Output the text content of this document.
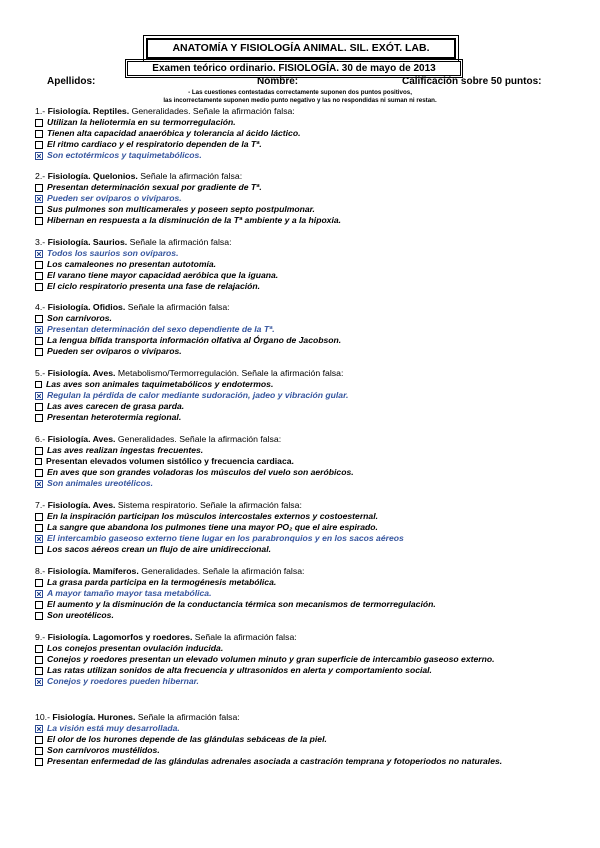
ANATOMÍA Y FISIOLOGÍA ANIMAL. SIL. EXÓT. LAB.
Examen teórico ordinario. FISIOLOGÍA. 30 de mayo de 2013
Apellidos:	Nombre:	Calificación sobre 50 puntos:
- Las cuestiones contestadas correctamente suponen dos puntos positivos,
las incorrectamente suponen medio punto negativo y las no respondidas ni suman ni restan.
1.- Fisiología. Reptiles. Generalidades. Señale la afirmación falsa:
Utilizan la heliotermia en su termorregulación.
Tienen alta capacidad anaeróbica y tolerancia al ácido láctico.
El ritmo cardiaco y el respiratorio dependen de la Tª.
Son ectotérmicos y taquimetabólicos.
2.- Fisiología. Quelonios. Señale la afirmación falsa:
Presentan determinación sexual por gradiente de Tª.
Pueden ser ovíparos o vivíparos.
Sus pulmones son multicamerales y poseen septo postpulmonar.
Hibernan en respuesta a la disminución de la Tª ambiente y a la hipoxia.
3.- Fisiología. Saurios. Señale la afirmación falsa:
Todos los saurios son ovíparos.
Los camaleones no presentan autotomía.
El varano tiene mayor capacidad aeróbica que la iguana.
El ciclo respiratorio presenta una fase de relajación.
4.- Fisiología. Ofidios. Señale la afirmación falsa:
Son carnívoros.
Presentan determinación del sexo dependiente de la Tª.
La lengua bífida transporta información olfativa al Órgano de Jacobson.
Pueden ser ovíparos o vivíparos.
5.- Fisiología. Aves. Metabolismo/Termorregulación. Señale la afirmación falsa:
Las aves son animales taquimetabólicos y endotermos.
Regulan la pérdida de calor mediante sudoración, jadeo y vibración gular.
Las aves carecen de grasa parda.
Presentan heterotermia regional.
6.- Fisiología. Aves. Generalidades. Señale la afirmación falsa:
Las aves realizan ingestas frecuentes.
Presentan elevados volumen sistólico y frecuencia cardiaca.
En aves que son grandes voladoras los músculos del vuelo son aeróbicos.
Son animales ureotélicos.
7.- Fisiología. Aves. Sistema respiratorio. Señale la afirmación falsa:
En la inspiración participan los músculos intercostales externos y costoesternal.
La sangre que abandona los pulmones tiene una mayor PO₂ que el aire espirado.
El intercambio gaseoso externo tiene lugar en los parabronquios y en los sacos aéreos
Los sacos aéreos crean un flujo de aire unidireccional.
8.- Fisiología. Mamíferos. Generalidades. Señale la afirmación falsa:
La grasa parda participa en la termogénesis metabólica.
A mayor tamaño mayor tasa metabólica.
El aumento y la disminución de la conductancia térmica son mecanismos de termorregulación.
Son ureotélicos.
9.- Fisiología. Lagomorfos y roedores. Señale la afirmación falsa:
Los conejos presentan ovulación inducida.
Conejos y roedores presentan un elevado volumen minuto y gran superficie de intercambio gaseoso externo.
Las ratas utilizan sonidos de alta frecuencia y ultrasonidos en alerta y comportamiento social.
Conejos y roedores pueden hibernar.
10.- Fisiología. Hurones. Señale la afirmación falsa:
La visión está muy desarrollada.
El olor de los hurones depende de las glándulas sebáceas de la piel.
Son carnívoros mustélidos.
Presentan enfermedad de las glándulas adrenales asociada a castración temprana y fotoperiodos no naturales.
